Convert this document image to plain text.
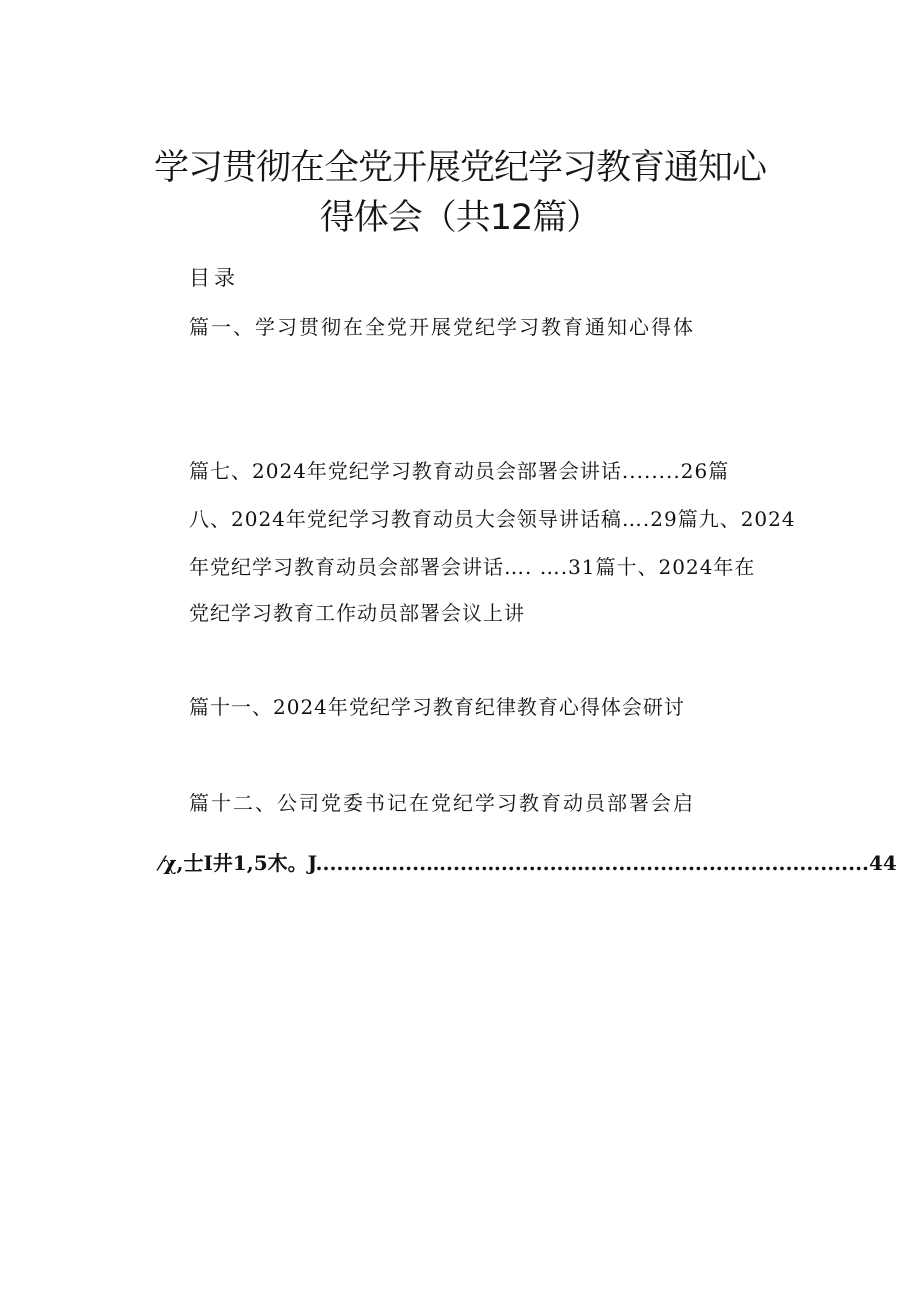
学习贯彻在全党开展党纪学习教育通知心
得体会（共12篇）
目录
篇一、学习贯彻在全党开展党纪学习教育通知心得体
篇七、2024年党纪学习教育动员会部署会讲话........26篇
八、2024年党纪学习教育动员大会领导讲话稿….29篇九、2024
年党纪学习教育动员会部署会讲话…. ….31篇十、2024年在
党纪学习教育工作动员部署会议上讲
篇十一、2024年党纪学习教育纪律教育心得体会研讨
篇十二、公司党委书记在党纪学习教育动员部署会启
⁄χ,⼠I井1,5木。J........….....….....…..........…........................................44
